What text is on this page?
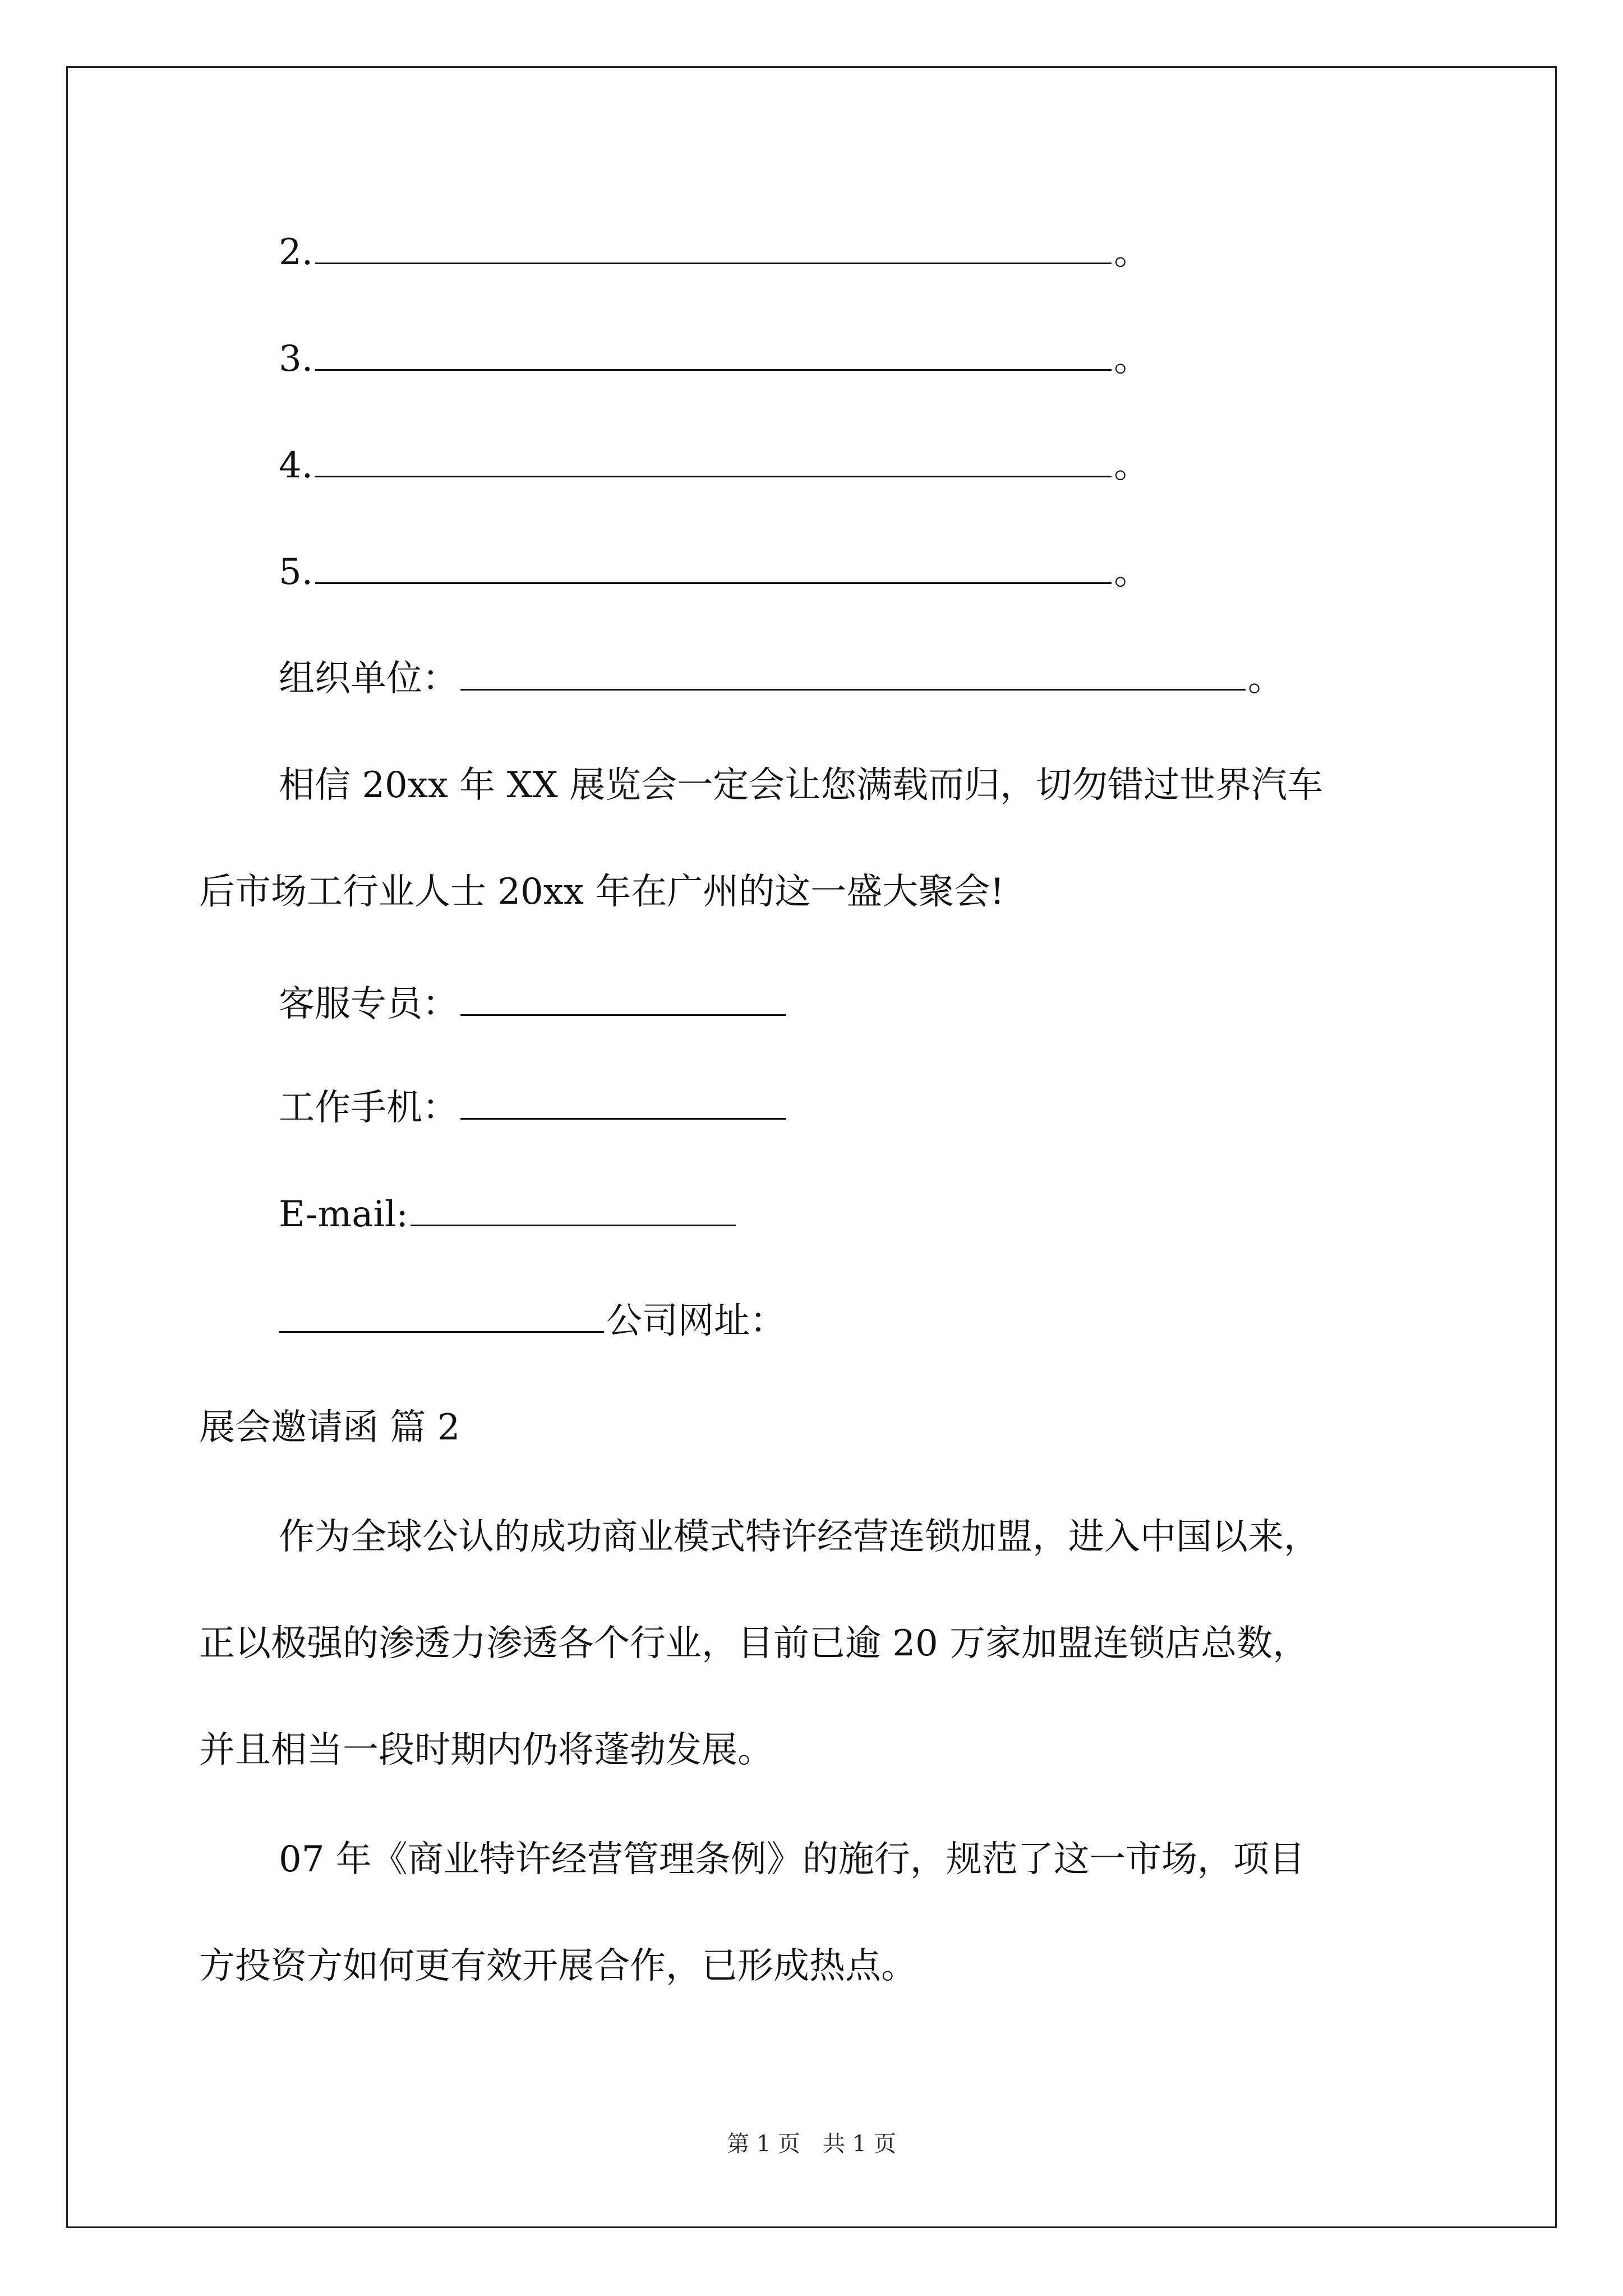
2.	。
3.	。
4.	。
5.	。
组织单位：	。
相信 20xx 年 XX 展览会一定会让您满载而归，切勿错过世界汽车
后市场工行业人士 20xx 年在广州的这一盛大聚会!
客服专员：
工作手机：
E-mail:
公司网址：
展会邀请函 篇 2
作为全球公认的成功商业模式特许经营连锁加盟，进入中国以来，
正以极强的渗透力渗透各个行业，目前已逾 20 万家加盟连锁店总数，
并且相当一段时期内仍将蓬勃发展。
07 年《商业特许经营管理条例》的施行，规范了这一市场，项目
方投资方如何更有效开展合作，已形成热点。
第 1 页　共 1 页
